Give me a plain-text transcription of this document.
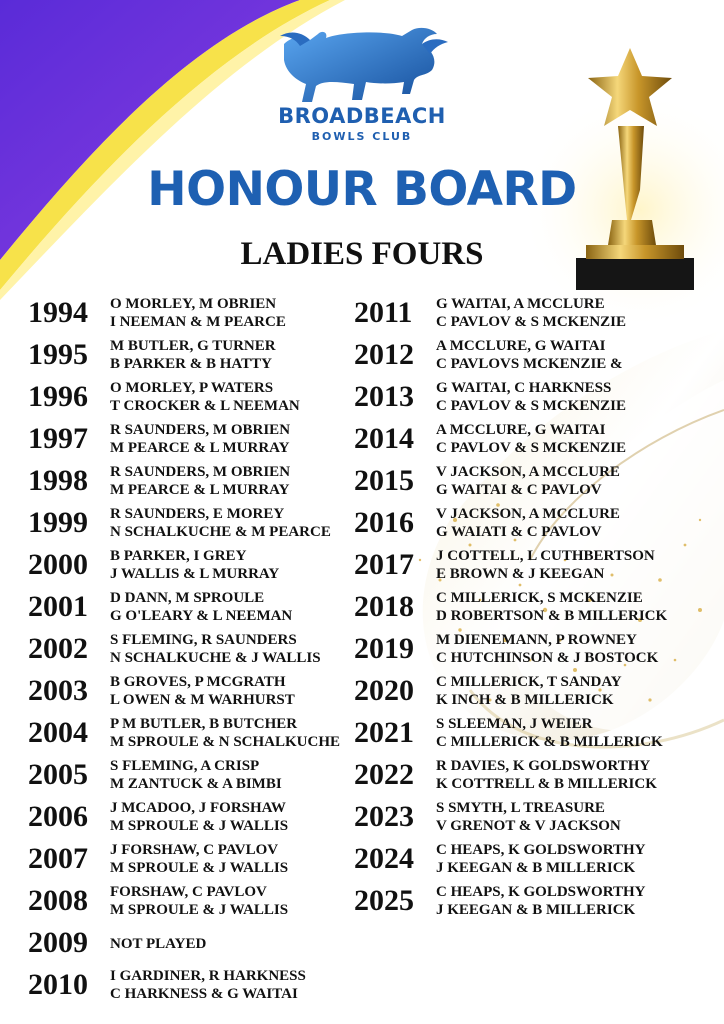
BROADBEACH
BOWLS CLUB
HONOUR BOARD
LADIES FOURS
1994 O MORLEY, M OBRIEN
I NEEMAN & M PEARCE
1995 M BUTLER, G TURNER
B PARKER & B HATTY
1996 O MORLEY, P WATERS
T CROCKER & L NEEMAN
1997 R SAUNDERS, M OBRIEN
M PEARCE & L MURRAY
1998 R SAUNDERS, M OBRIEN
M PEARCE & L MURRAY
1999 R SAUNDERS, E MOREY
N SCHALKUCHE & M PEARCE
2000 B PARKER, I GREY
J WALLIS & L MURRAY
2001 D DANN, M SPROULE
G O'LEARY & L NEEMAN
2002 S FLEMING, R SAUNDERS
N SCHALKUCHE & J WALLIS
2003 B GROVES, P MCGRATH
L OWEN & M WARHURST
2004 P M BUTLER, B BUTCHER
M SPROULE & N SCHALKUCHE
2005 S FLEMING, A CRISP
M ZANTUCK & A BIMBI
2006 J MCADOO, J FORSHAW
M SPROULE & J WALLIS
2007 J FORSHAW, C PAVLOV
M SPROULE & J WALLIS
2008 FORSHAW, C PAVLOV
M SPROULE & J WALLIS
2009 NOT PLAYED
2010 I GARDINER, R HARKNESS
C HARKNESS & G WAITAI
2011 G WAITAI, A MCCLURE
C PAVLOV & S MCKENZIE
2012 A MCCLURE, G WAITAI
C PAVLOVS MCKENZIE &
2013 G WAITAI, C HARKNESS
C PAVLOV & S MCKENZIE
2014 A MCCLURE, G WAITAI
C PAVLOV & S MCKENZIE
2015 V JACKSON, A MCCLURE
G WAITAI & C PAVLOV
2016 V JACKSON, A MCCLURE
G WAIATI & C PAVLOV
2017 J COTTELL, L CUTHBERTSON
E BROWN & J KEEGAN
2018 C MILLERICK, S MCKENZIE
D ROBERTSON & B MILLERICK
2019 M DIENEMANN, P ROWNEY
C HUTCHINSON & J BOSTOCK
2020 C MILLERICK, T SANDAY
K INCH & B MILLERICK
2021 S SLEEMAN, J WEIER
C MILLERICK & B MILLERICK
2022 R DAVIES, K GOLDSWORTHY
K COTTRELL & B MILLERICK
2023 S SMYTH, L TREASURE
V GRENOT & V JACKSON
2024 C HEAPS, K GOLDSWORTHY
J KEEGAN & B MILLERICK
2025 C HEAPS, K GOLDSWORTHY
J KEEGAN & B MILLERICK
